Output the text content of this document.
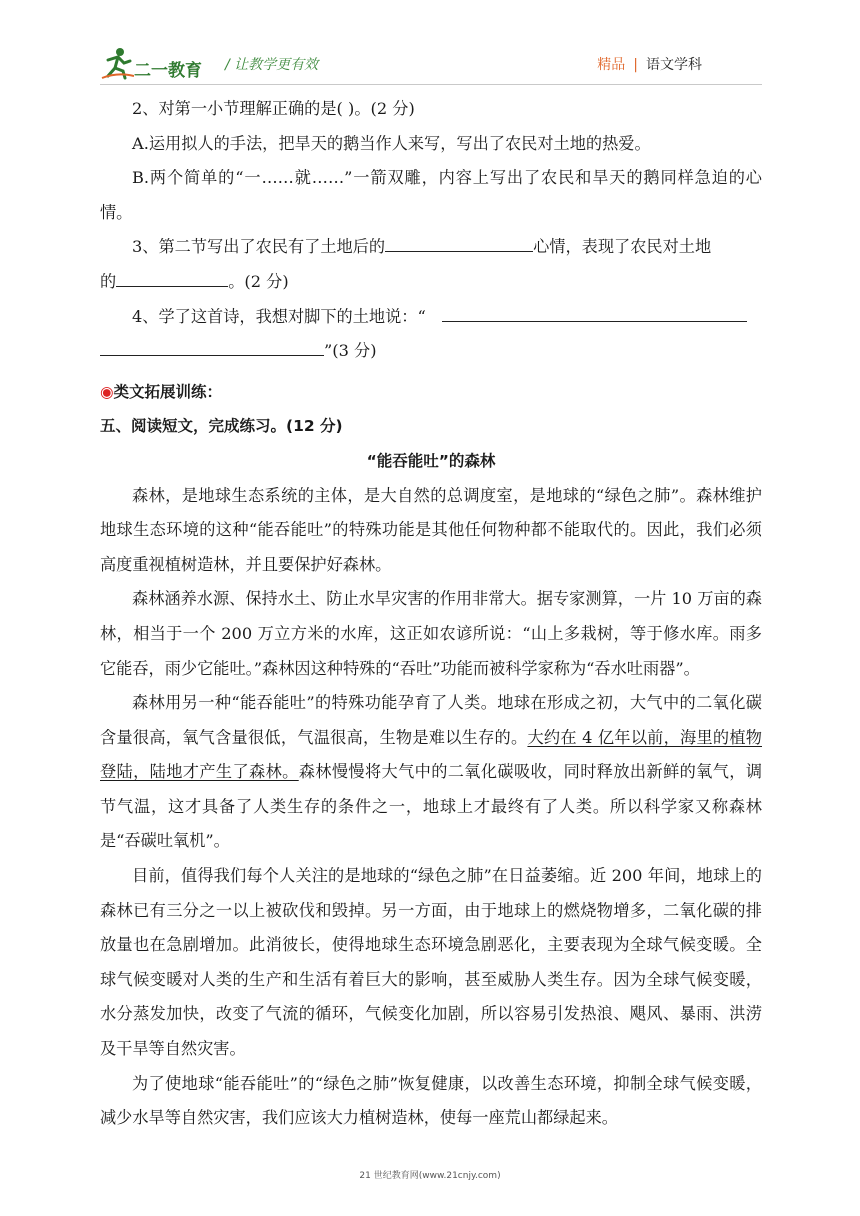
二一教育 / 让教学更有效	精品 | 语文学科

2、对第一小节理解正确的是( )。(2 分)

A.运用拟人的手法，把旱天的鹅当作人来写，写出了农民对土地的热爱。

B.两个简单的“一……就……”一箭双雕，内容上写出了农民和旱天的鹅同样急迫的心情。

3、第二节写出了农民有了土地后的	心情，表现了农民对土地

的	。(2 分)

4、学了这首诗，我想对脚下的土地说：“

”(3 分)

◉类文拓展训练：

五、阅读短文，完成练习。(12 分)

“能吞能吐”的森林

森林，是地球生态系统的主体，是大自然的总调度室，是地球的“绿色之肺”。森林维护地球生态环境的这种“能吞能吐”的特殊功能是其他任何物种都不能取代的。因此，我们必须高度重视植树造林，并且要保护好森林。

森林涵养水源、保持水土、防止水旱灾害的作用非常大。据专家测算，一片 10 万亩的森林，相当于一个 200 万立方米的水库，这正如农谚所说：“山上多栽树，等于修水库。雨多它能吞，雨少它能吐。”森林因这种特殊的“吞吐”功能而被科学家称为“吞水吐雨器”。

森林用另一种“能吞能吐”的特殊功能孕育了人类。地球在形成之初，大气中的二氧化碳含量很高，氧气含量很低，气温很高，生物是难以生存的。大约在 4 亿年以前，海里的植物登陆，陆地才产生了森林。森林慢慢将大气中的二氧化碳吸收，同时释放出新鲜的氧气，调节气温，这才具备了人类生存的条件之一，地球上才最终有了人类。所以科学家又称森林是“吞碳吐氧机”。

目前，值得我们每个人关注的是地球的“绿色之肺”在日益萎缩。近 200 年间，地球上的森林已有三分之一以上被砍伐和毁掉。另一方面，由于地球上的燃烧物增多，二氧化碳的排放量也在急剧增加。此消彼长，使得地球生态环境急剧恶化，主要表现为全球气候变暖。全球气候变暖对人类的生产和生活有着巨大的影响，甚至威胁人类生存。因为全球气候变暖，水分蒸发加快，改变了气流的循环，气候变化加剧，所以容易引发热浪、飓风、暴雨、洪涝及干旱等自然灾害。

为了使地球“能吞能吐”的“绿色之肺”恢复健康，以改善生态环境，抑制全球气候变暖，减少水旱等自然灾害，我们应该大力植树造林，使每一座荒山都绿起来。

21 世纪教育网(www.21cnjy.com)
